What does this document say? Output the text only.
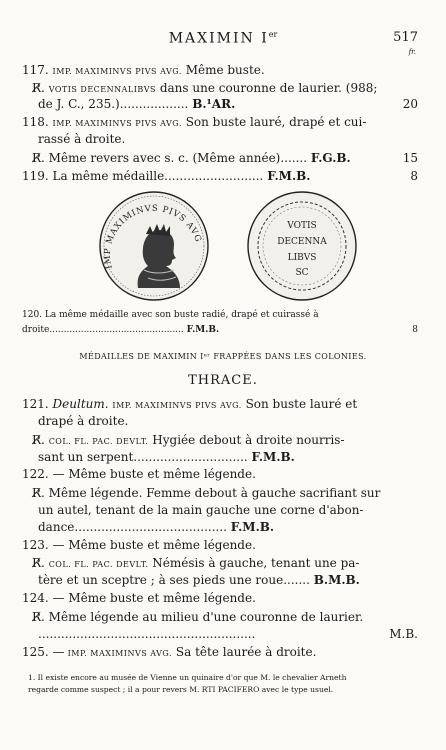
MAXIMIN Ier	517
fr.
117. IMP. MAXIMINVS PIVS AVG. Même buste.
R̸. VOTIS DECENNALIBVS dans une couronne de laurier. (988;
de J. C., 235.).................. B.¹AR.	20
118. IMP. MAXIMINVS PIVS AVG. Son buste lauré, drapé et cui-
rassé à droite.
R̸. Même revers avec s. c. (Même année)....... F.G.B.	15
119. La même médaille.......................... F.M.B.	8
IMP MAXIMINVS PIVS AVG
VOTIS
DECENNA
LIBVS
SC
120. La même médaille avec son buste radié, drapé et cuirassé à
droite............................................... F.M.B.	8
MÉDAILLES DE MAXIMIN Iᵉʳ FRAPPÉES DANS LES COLONIES.
THRACE.
121. Deultum. IMP. MAXIMINVS PIVS AVG. Son buste lauré et
drapé à droite.
R̸. COL. FL. PAC. DEVLT. Hygiée debout à droite nourris-
sant un serpent.............................. F.M.B.
122. — Même buste et même légende.
R̸. Même légende. Femme debout à gauche sacrifiant sur
un autel, tenant de la main gauche une corne d'abon-
dance........................................ F.M.B.
123. — Même buste et même légende.
R̸. COL. FL. PAC. DEVLT. Némésis à gauche, tenant une pa-
tère et un sceptre ; à ses pieds une roue....... B.M.B.
124. — Même buste et même légende.
R̸. Même légende au milieu d'une couronne de laurier.
.........................................................	M.B.
125. — IMP. MAXIMINVS AVG. Sa tête laurée à droite.
1. Il existe encore au musée de Vienne un quinaire d'or que M. le chevalier Arneth
regarde comme suspect ; il a pour revers M. RTI PACIFERO avec le type usuel.
